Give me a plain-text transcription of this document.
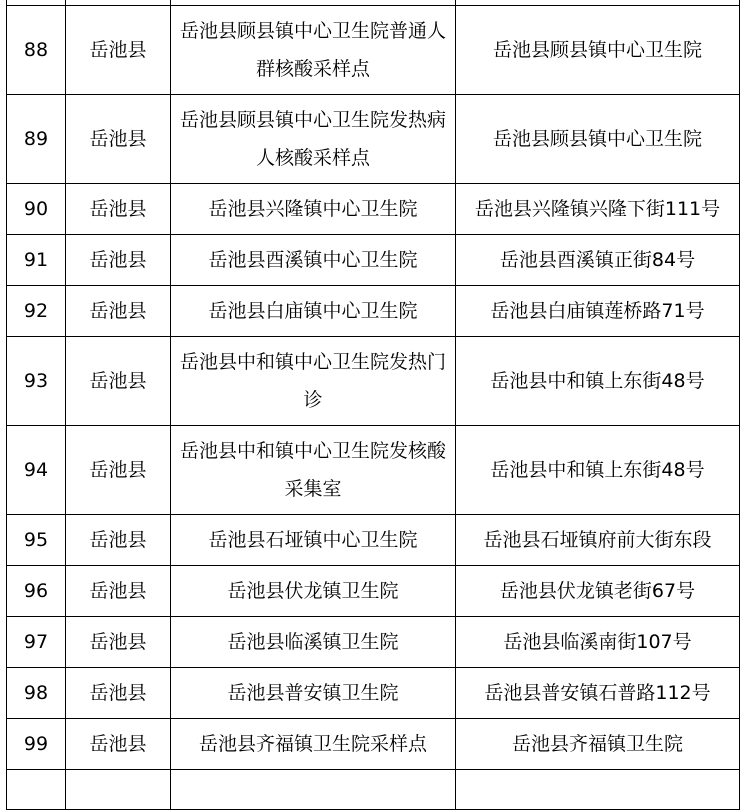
88	岳池县	岳池县顾县镇中心卫生院普通人群核酸采样点	岳池县顾县镇中心卫生院
89	岳池县	岳池县顾县镇中心卫生院发热病人核酸采样点	岳池县顾县镇中心卫生院
90	岳池县	岳池县兴隆镇中心卫生院	岳池县兴隆镇兴隆下街111号
91	岳池县	岳池县酉溪镇中心卫生院	岳池县酉溪镇正街84号
92	岳池县	岳池县白庙镇中心卫生院	岳池县白庙镇莲桥路71号
93	岳池县	岳池县中和镇中心卫生院发热门诊	岳池县中和镇上东街48号
94	岳池县	岳池县中和镇中心卫生院发核酸采集室	岳池县中和镇上东街48号
95	岳池县	岳池县石垭镇中心卫生院	岳池县石垭镇府前大街东段
96	岳池县	岳池县伏龙镇卫生院	岳池县伏龙镇老街67号
97	岳池县	岳池县临溪镇卫生院	岳池县临溪南街107号
98	岳池县	岳池县普安镇卫生院	岳池县普安镇石普路112号
99	岳池县	岳池县齐福镇卫生院采样点	岳池县齐福镇卫生院
